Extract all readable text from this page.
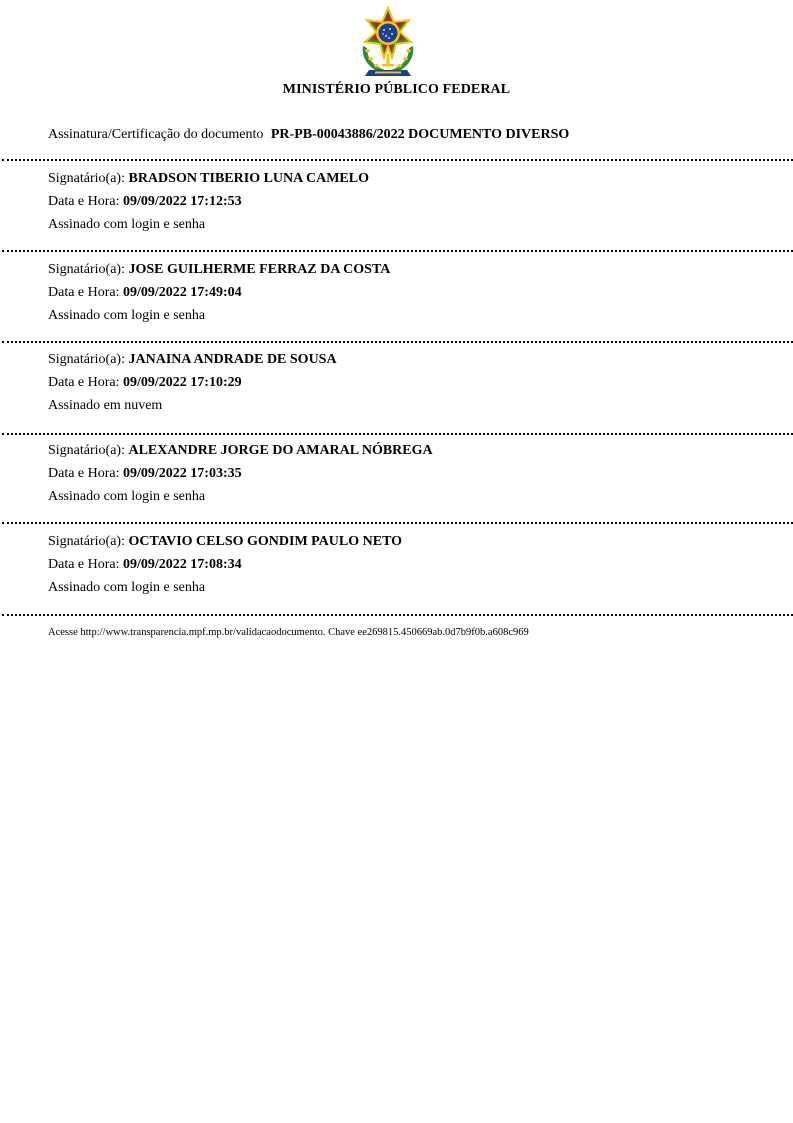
MINISTÉRIO PÚBLICO FEDERAL
Assinatura/Certificação do documento PR-PB-00043886/2022 DOCUMENTO DIVERSO
Signatário(a): BRADSON TIBERIO LUNA CAMELO
Data e Hora: 09/09/2022 17:12:53
Assinado com login e senha
Signatário(a): JOSE GUILHERME FERRAZ DA COSTA
Data e Hora: 09/09/2022 17:49:04
Assinado com login e senha
Signatário(a): JANAINA ANDRADE DE SOUSA
Data e Hora: 09/09/2022 17:10:29
Assinado em nuvem
Signatário(a): ALEXANDRE JORGE DO AMARAL NÓBREGA
Data e Hora: 09/09/2022 17:03:35
Assinado com login e senha
Signatário(a): OCTAVIO CELSO GONDIM PAULO NETO
Data e Hora: 09/09/2022 17:08:34
Assinado com login e senha
Acesse http://www.transparencia.mpf.mp.br/validacaodocumento. Chave ee269815.450669ab.0d7b9f0b.a608c969
